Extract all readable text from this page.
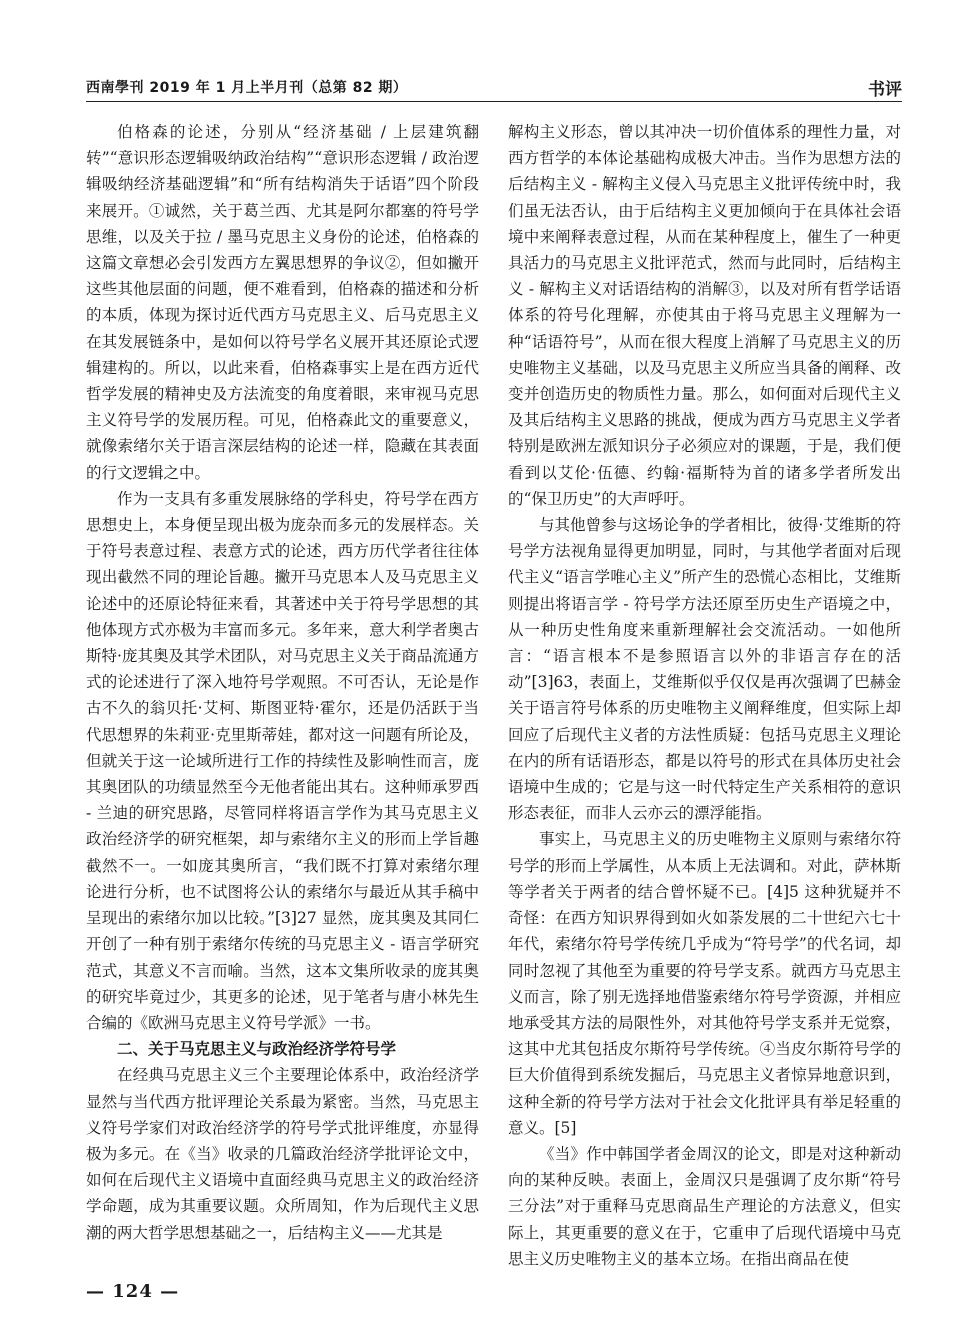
西南學刊 2019 年 1 月上半月刊（总第 82 期）	书评

伯格森的论述，分别从“经济基础 / 上层建筑翻转”“意识形态逻辑吸纳政治结构”“意识形态逻辑 / 政治逻辑吸纳经济基础逻辑”和“所有结构消失于话语”四个阶段来展开。①诚然，关于葛兰西、尤其是阿尔都塞的符号学思维，以及关于拉 / 墨马克思主义身份的论述，伯格森的这篇文章想必会引发西方左翼思想界的争议②，但如撇开这些其他层面的问题，便不难看到，伯格森的描述和分析的本质，体现为探讨近代西方马克思主义、后马克思主义在其发展链条中，是如何以符号学名义展开其还原论式逻辑建构的。所以，以此来看，伯格森事实上是在西方近代哲学发展的精神史及方法流变的角度着眼，来审视马克思主义符号学的发展历程。可见，伯格森此文的重要意义，就像索绪尔关于语言深层结构的论述一样，隐藏在其表面的行文逻辑之中。

作为一支具有多重发展脉络的学科史，符号学在西方思想史上，本身便呈现出极为庞杂而多元的发展样态。关于符号表意过程、表意方式的论述，西方历代学者往往体现出截然不同的理论旨趣。撇开马克思本人及马克思主义论述中的还原论特征来看，其著述中关于符号学思想的其他体现方式亦极为丰富而多元。多年来，意大利学者奥古斯特·庞其奥及其学术团队，对马克思主义关于商品流通方式的论述进行了深入地符号学观照。不可否认，无论是作古不久的翁贝托·艾柯、斯图亚特·霍尔，还是仍活跃于当代思想界的朱莉亚·克里斯蒂娃，都对这一问题有所论及，但就关于这一论域所进行工作的持续性及影响性而言，庞其奥团队的功绩显然至今无他者能出其右。这种师承罗西 - 兰迪的研究思路，尽管同样将语言学作为其马克思主义政治经济学的研究框架，却与索绪尔主义的形而上学旨趣截然不一。一如庞其奥所言，“我们既不打算对索绪尔理论进行分析，也不试图将公认的索绪尔与最近从其手稿中呈现出的索绪尔加以比较。”[3]27 显然，庞其奥及其同仁开创了一种有别于索绪尔传统的马克思主义 - 语言学研究范式，其意义不言而喻。当然，这本文集所收录的庞其奥的研究毕竟过少，其更多的论述，见于笔者与唐小林先生合编的《欧洲马克思主义符号学派》一书。

二、关于马克思主义与政治经济学符号学

在经典马克思主义三个主要理论体系中，政治经济学显然与当代西方批评理论关系最为紧密。当然，马克思主义符号学家们对政治经济学的符号学式批评维度，亦显得极为多元。在《当》收录的几篇政治经济学批评论文中，如何在后现代主义语境中直面经典马克思主义的政治经济学命题，成为其重要议题。众所周知，作为后现代主义思潮的两大哲学思想基础之一，后结构主义——尤其是

解构主义形态，曾以其冲决一切价值体系的理性力量，对西方哲学的本体论基础构成极大冲击。当作为思想方法的后结构主义 - 解构主义侵入马克思主义批评传统中时，我们虽无法否认，由于后结构主义更加倾向于在具体社会语境中来阐释表意过程，从而在某种程度上，催生了一种更具活力的马克思主义批评范式，然而与此同时，后结构主义 - 解构主义对话语结构的消解③，以及对所有哲学话语体系的符号化理解，亦使其由于将马克思主义理解为一种“话语符号”，从而在很大程度上消解了马克思主义的历史唯物主义基础，以及马克思主义所应当具备的阐释、改变并创造历史的物质性力量。那么，如何面对后现代主义及其后结构主义思路的挑战，便成为西方马克思主义学者特别是欧洲左派知识分子必须应对的课题，于是，我们便看到以艾伦·伍德、约翰·福斯特为首的诸多学者所发出的“保卫历史”的大声呼吁。

与其他曾参与这场论争的学者相比，彼得·艾维斯的符号学方法视角显得更加明显，同时，与其他学者面对后现代主义“语言学唯心主义”所产生的恐慌心态相比，艾维斯则提出将语言学 - 符号学方法还原至历史生产语境之中，从一种历史性角度来重新理解社会交流活动。一如他所言：“语言根本不是参照语言以外的非语言存在的活动”[3]63，表面上，艾维斯似乎仅仅是再次强调了巴赫金关于语言符号体系的历史唯物主义阐释维度，但实际上却回应了后现代主义者的方法性质疑：包括马克思主义理论在内的所有话语形态，都是以符号的形式在具体历史社会语境中生成的；它是与这一时代特定生产关系相符的意识形态表征，而非人云亦云的漂浮能指。

事实上，马克思主义的历史唯物主义原则与索绪尔符号学的形而上学属性，从本质上无法调和。对此，萨林斯等学者关于两者的结合曾怀疑不已。[4]5 这种犹疑并不奇怪：在西方知识界得到如火如荼发展的二十世纪六七十年代，索绪尔符号学传统几乎成为“符号学”的代名词，却同时忽视了其他至为重要的符号学支系。就西方马克思主义而言，除了别无选择地借鉴索绪尔符号学资源，并相应地承受其方法的局限性外，对其他符号学支系并无觉察，这其中尤其包括皮尔斯符号学传统。④当皮尔斯符号学的巨大价值得到系统发掘后，马克思主义者惊异地意识到，这种全新的符号学方法对于社会文化批评具有举足轻重的意义。[5]

《当》作中韩国学者金周汉的论文，即是对这种新动向的某种反映。表面上，金周汉只是强调了皮尔斯“符号三分法”对于重释马克思商品生产理论的方法意义，但实际上，其更重要的意义在于，它重申了后现代语境中马克思主义历史唯物主义的基本立场。在指出商品在使

— 124 —
